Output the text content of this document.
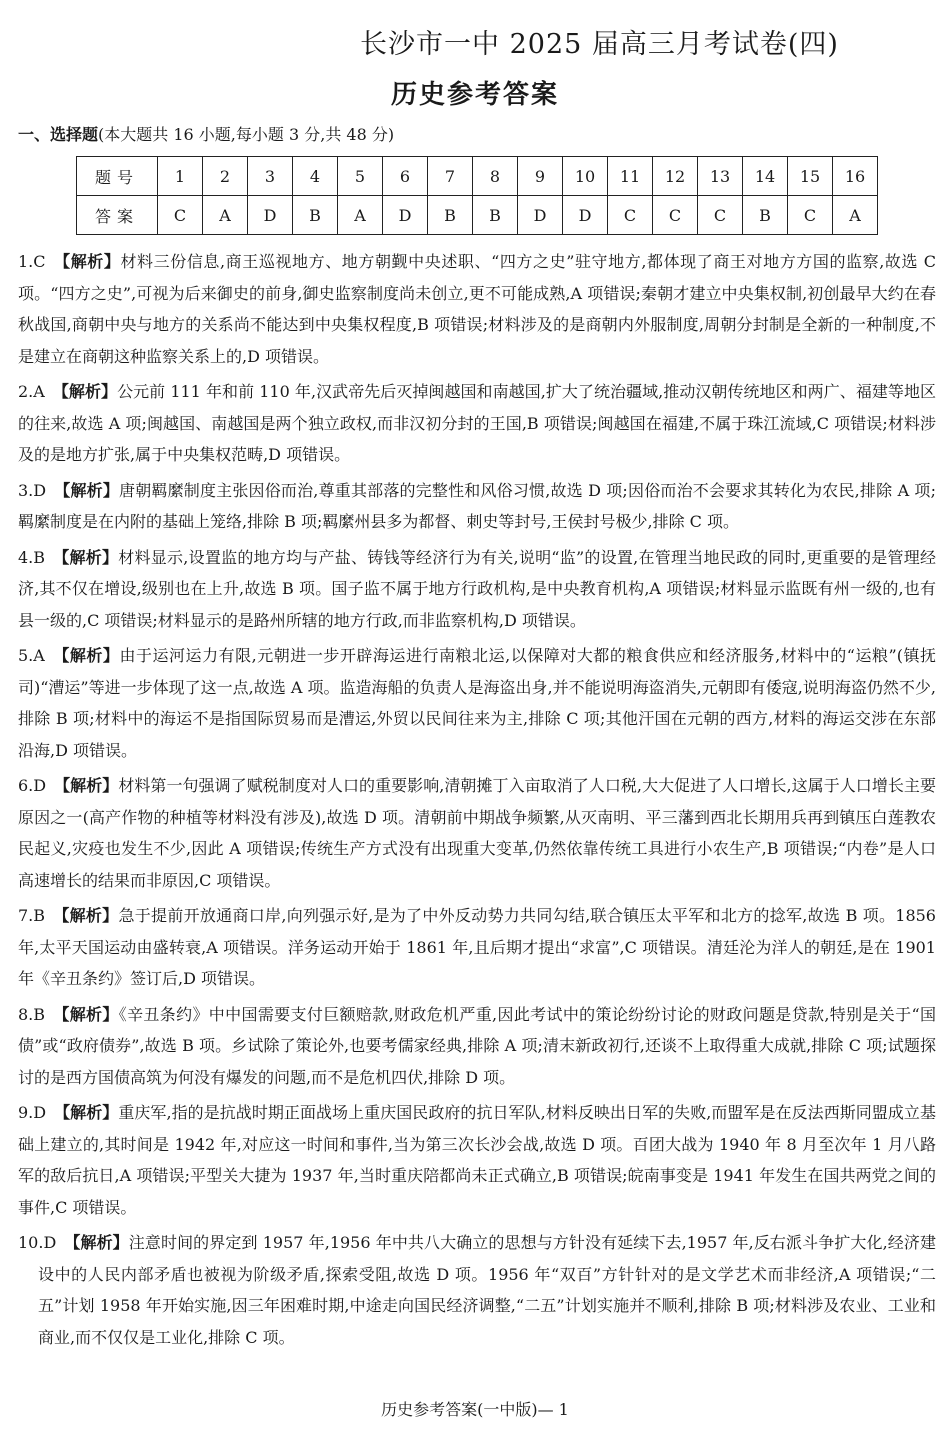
长沙市一中 2025 届高三月考试卷(四)
历史参考答案
一、选择题(本大题共 16 小题,每小题 3 分,共 48 分)
题号	1	2	3	4	5	6	7	8	9	10	11	12	13	14	15	16
答案	C	A	D	B	A	D	B	B	D	D	C	C	C	B	C	A

1.C  【解析】材料三份信息,商王巡视地方、地方朝觐中央述职、“四方之史”驻守地方,都体现了商王对地方方国的监察,故选 C 项。“四方之史”,可视为后来御史的前身,御史监察制度尚未创立,更不可能成熟,A 项错误;秦朝才建立中央集权制,初创最早大约在春秋战国,商朝中央与地方的关系尚不能达到中央集权程度,B 项错误;材料涉及的是商朝内外服制度,周朝分封制是全新的一种制度,不是建立在商朝这种监察关系上的,D 项错误。

2.A  【解析】公元前 111 年和前 110 年,汉武帝先后灭掉闽越国和南越国,扩大了统治疆域,推动汉朝传统地区和两广、福建等地区的往来,故选 A 项;闽越国、南越国是两个独立政权,而非汉初分封的王国,B 项错误;闽越国在福建,不属于珠江流域,C 项错误;材料涉及的是地方扩张,属于中央集权范畴,D 项错误。

3.D  【解析】唐朝羁縻制度主张因俗而治,尊重其部落的完整性和风俗习惯,故选 D 项;因俗而治不会要求其转化为农民,排除 A 项;羁縻制度是在内附的基础上笼络,排除 B 项;羁縻州县多为都督、刺史等封号,王侯封号极少,排除 C 项。

4.B  【解析】材料显示,设置监的地方均与产盐、铸钱等经济行为有关,说明“监”的设置,在管理当地民政的同时,更重要的是管理经济,其不仅在增设,级别也在上升,故选 B 项。国子监不属于地方行政机构,是中央教育机构,A 项错误;材料显示监既有州一级的,也有县一级的,C 项错误;材料显示的是路州所辖的地方行政,而非监察机构,D 项错误。

5.A  【解析】由于运河运力有限,元朝进一步开辟海运进行南粮北运,以保障对大都的粮食供应和经济服务,材料中的“运粮”(镇抚司)“漕运”等进一步体现了这一点,故选 A 项。监造海船的负责人是海盗出身,并不能说明海盗消失,元朝即有倭寇,说明海盗仍然不少,排除 B 项;材料中的海运不是指国际贸易而是漕运,外贸以民间往来为主,排除 C 项;其他汗国在元朝的西方,材料的海运交涉在东部沿海,D 项错误。

6.D  【解析】材料第一句强调了赋税制度对人口的重要影响,清朝摊丁入亩取消了人口税,大大促进了人口增长,这属于人口增长主要原因之一(高产作物的种植等材料没有涉及),故选 D 项。清朝前中期战争频繁,从灭南明、平三藩到西北长期用兵再到镇压白莲教农民起义,灾疫也发生不少,因此 A 项错误;传统生产方式没有出现重大变革,仍然依靠传统工具进行小农生产,B 项错误;“内卷”是人口高速增长的结果而非原因,C 项错误。

7.B  【解析】急于提前开放通商口岸,向列强示好,是为了中外反动势力共同勾结,联合镇压太平军和北方的捻军,故选 B 项。1856 年,太平天国运动由盛转衰,A 项错误。洋务运动开始于 1861 年,且后期才提出“求富”,C 项错误。清廷沦为洋人的朝廷,是在 1901 年《辛丑条约》签订后,D 项错误。

8.B  【解析】《辛丑条约》中中国需要支付巨额赔款,财政危机严重,因此考试中的策论纷纷讨论的财政问题是贷款,特别是关于“国债”或“政府债券”,故选 B 项。乡试除了策论外,也要考儒家经典,排除 A 项;清末新政初行,还谈不上取得重大成就,排除 C 项;试题探讨的是西方国债高筑为何没有爆发的问题,而不是危机四伏,排除 D 项。

9.D  【解析】重庆军,指的是抗战时期正面战场上重庆国民政府的抗日军队,材料反映出日军的失败,而盟军是在反法西斯同盟成立基础上建立的,其时间是 1942 年,对应这一时间和事件,当为第三次长沙会战,故选 D 项。百团大战为 1940 年 8 月至次年 1 月八路军的敌后抗日,A 项错误;平型关大捷为 1937 年,当时重庆陪都尚未正式确立,B 项错误;皖南事变是 1941 年发生在国共两党之间的事件,C 项错误。

10.D  【解析】注意时间的界定到 1957 年,1956 年中共八大确立的思想与方针没有延续下去,1957 年,反右派斗争扩大化,经济建设中的人民内部矛盾也被视为阶级矛盾,探索受阻,故选 D 项。1956 年“双百”方针针对的是文学艺术而非经济,A 项错误;“二五”计划 1958 年开始实施,因三年困难时期,中途走向国民经济调整,“二五”计划实施并不顺利,排除 B 项;材料涉及农业、工业和商业,而不仅仅是工业化,排除 C 项。

历史参考答案(一中版)— 1
